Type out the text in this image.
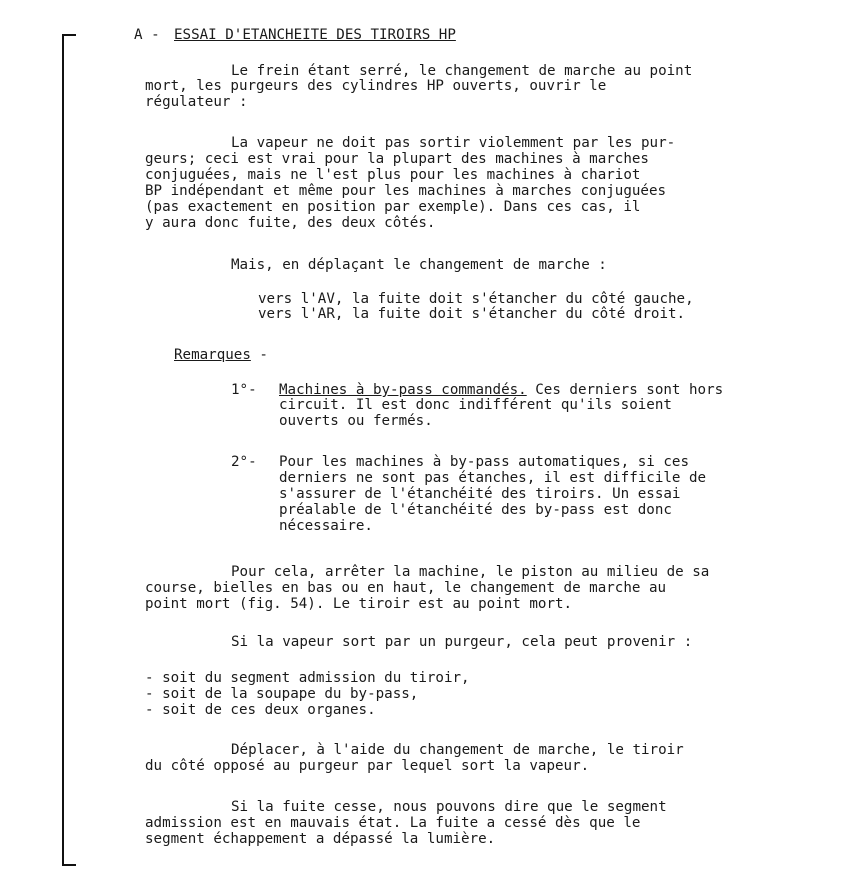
A - ESSAI D'ETANCHEITE DES TIROIRS HP
Le frein étant serré, le changement de marche au point
mort, les purgeurs des cylindres HP ouverts, ouvrir le
régulateur :
La vapeur ne doit pas sortir violemment par les pur-
geurs; ceci est vrai pour la plupart des machines à marches
conjuguées, mais ne l'est plus pour les machines à chariot
BP indépendant et même pour les machines à marches conjuguées
(pas exactement en position par exemple). Dans ces cas, il
y aura donc fuite, des deux côtés.
Mais, en déplaçant le changement de marche :
vers l'AV, la fuite doit s'étancher du côté gauche,
vers l'AR, la fuite doit s'étancher du côté droit.
Remarques -
1°- Machines à by-pass commandés. Ces derniers sont hors
circuit. Il est donc indifférent qu'ils soient
ouverts ou fermés.
2°- Pour les machines à by-pass automatiques, si ces
derniers ne sont pas étanches, il est difficile de
s'assurer de l'étanchéité des tiroirs. Un essai
préalable de l'étanchéité des by-pass est donc
nécessaire.
Pour cela, arrêter la machine, le piston au milieu de sa
course, bielles en bas ou en haut, le changement de marche au
point mort (fig. 54). Le tiroir est au point mort.
Si la vapeur sort par un purgeur, cela peut provenir :
- soit du segment admission du tiroir,
- soit de la soupape du by-pass,
- soit de ces deux organes.
Déplacer, à l'aide du changement de marche, le tiroir
du côté opposé au purgeur par lequel sort la vapeur.
Si la fuite cesse, nous pouvons dire que le segment
admission est en mauvais état. La fuite a cessé dès que le
segment échappement a dépassé la lumière.
